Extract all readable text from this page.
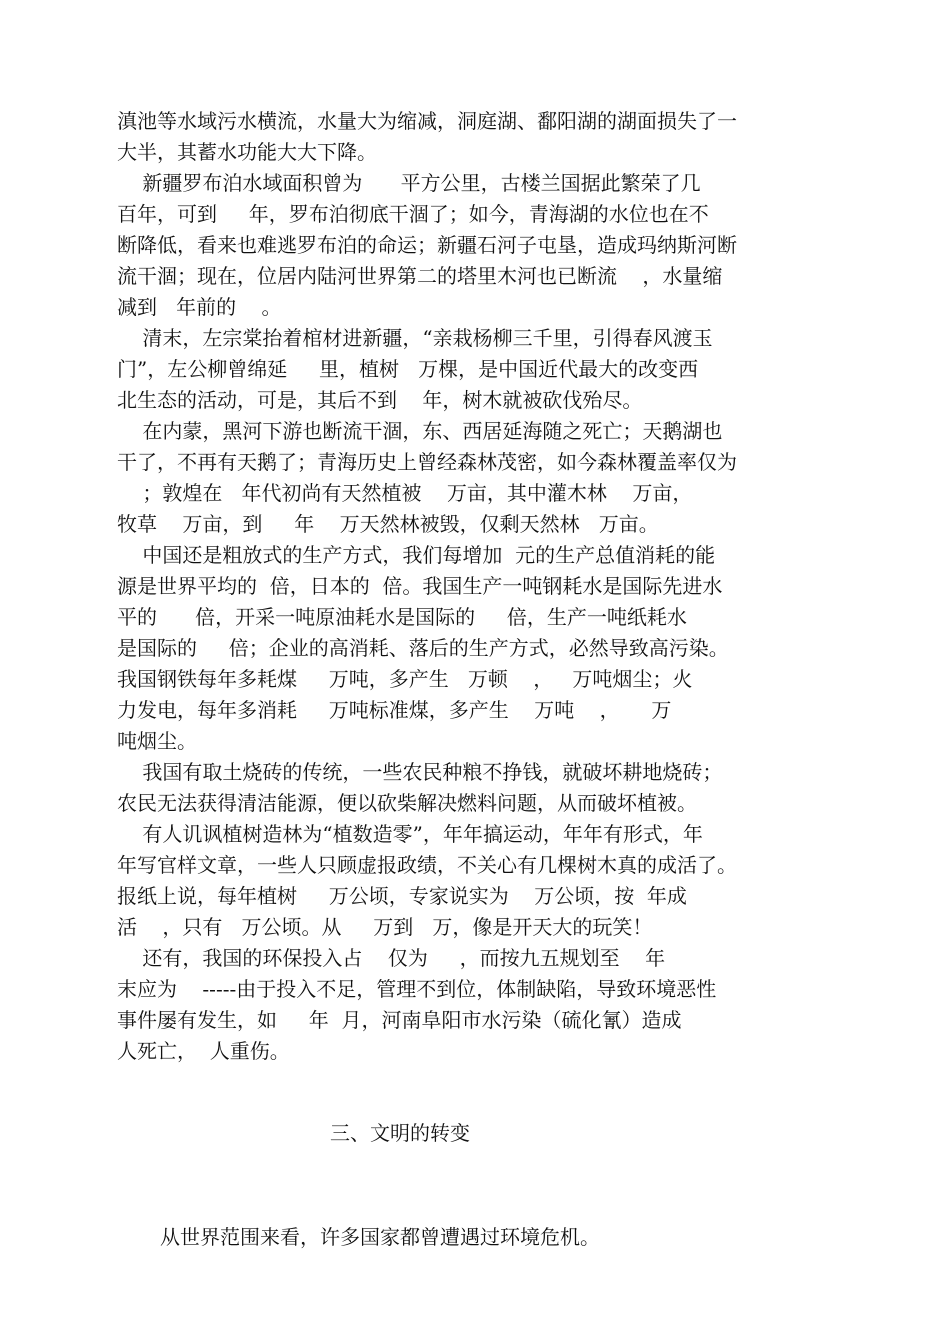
滇池等水域污水横流，水量大为缩减，洞庭湖、鄱阳湖的湖面损失了一

大半，其蓄水功能大大下降。

新疆罗布泊水域面积曾为      平方公里，古楼兰国据此繁荣了几

百年，可到     年，罗布泊彻底干涸了；如今，青海湖的水位也在不

断降低，看来也难逃罗布泊的命运；新疆石河子屯垦，造成玛纳斯河断

流干涸；现在，位居内陆河世界第二的塔里木河也已断流    ，水量缩

减到   年前的    。

清末，左宗棠抬着棺材进新疆，“亲栽杨柳三千里，引得春风渡玉

门”，左公柳曾绵延     里，植树   万棵，是中国近代最大的改变西

北生态的活动，可是，其后不到    年，树木就被砍伐殆尽。

在内蒙，黑河下游也断流干涸，东、西居延海随之死亡；天鹅湖也

干了，不再有天鹅了；青海历史上曾经森林茂密，如今森林覆盖率仅为

；敦煌在   年代初尚有天然植被    万亩，其中灌木林    万亩，

牧草    万亩，到     年    万天然林被毁，仅剩天然林   万亩。

中国还是粗放式的生产方式，我们每增加  元的生产总值消耗的能

源是世界平均的  倍，日本的  倍。我国生产一吨钢耗水是国际先进水

平的      倍，开采一吨原油耗水是国际的     倍，生产一吨纸耗水

是国际的     倍；企业的高消耗、落后的生产方式，必然导致高污染。

我国钢铁每年多耗煤     万吨，多产生   万顿    ，   万吨烟尘；火

力发电，每年多消耗     万吨标准煤，多产生    万吨    ，     万

吨烟尘。

我国有取土烧砖的传统，一些农民种粮不挣钱，就破坏耕地烧砖；

农民无法获得清洁能源，便以砍柴解决燃料问题，从而破坏植被。

有人讥讽植树造林为“植数造零”，年年搞运动，年年有形式，年

年写官样文章，一些人只顾虚报政绩，不关心有几棵树木真的成活了。

报纸上说，每年植树     万公顷，专家说实为    万公顷，按  年成

活    ，只有   万公顷。从     万到   万，像是开天大的玩笑！

还有，我国的环保投入占    仅为     ，而按九五规划至    年

末应为    -----由于投入不足，管理不到位，体制缺陷，导致环境恶性

事件屡有发生，如     年  月，河南阜阳市水污染（硫化氰）造成

人死亡，  人重伤。

三、文明的转变

从世界范围来看，许多国家都曾遭遇过环境危机。
